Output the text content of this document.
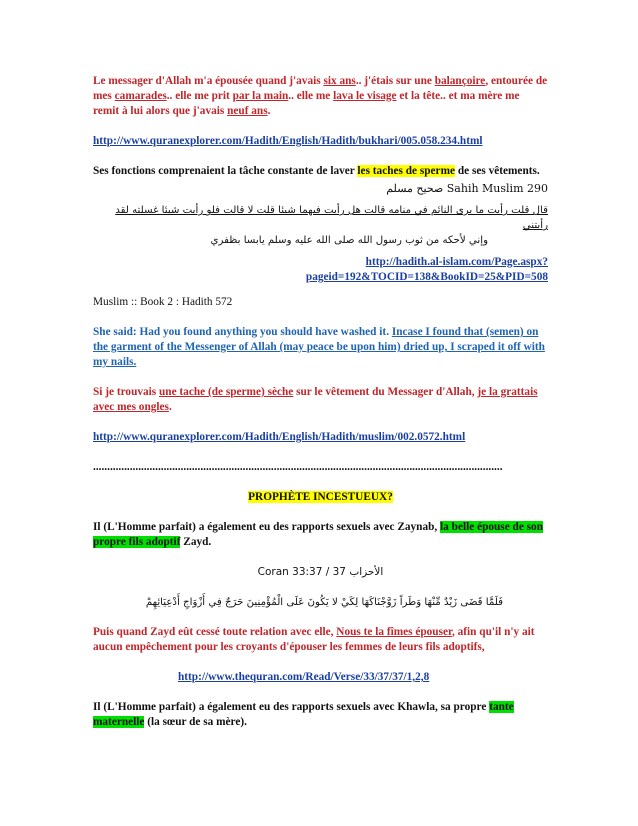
Le messager d'Allah m'a épousée quand j'avais six ans.. j'étais sur une balançoire, entourée de mes camarades.. elle me prit par la main.. elle me lava le visage et la tête.. et ma mère me remit à lui alors que j'avais neuf ans.

http://www.quranexplorer.com/Hadith/English/Hadith/bukhari/005.058.234.html

Ses fonctions comprenaient la tâche constante de laver les taches de sperme de ses vêtements.

صحيح مسلم Sahih Muslim 290

قال قلت رأيت ما يرى النائم في منامه قالت هل رأيت فيهما شيئا قلت لا قالت فلو رأيت شيئا غسلته لقد رأيتني

وإني لأحكه من ثوب رسول الله صلى الله عليه وسلم يابسا بظفري

http://hadith.al-islam.com/Page.aspx?

pageid=192&TOCID=138&BookID=25&PID=508

Muslim :: Book 2 : Hadith 572

She said: Had you found anything you should have washed it. Incase I found that (semen) on the garment of the Messenger of Allah (may peace be upon him) dried up, I scraped it off with my nails.

Si je trouvais une tache (de sperme) sèche sur le vêtement du Messager d'Allah, je la grattais avec mes ongles.

http://www.quranexplorer.com/Hadith/English/Hadith/muslim/002.0572.html

.................................................................................................................................................

PROPHÈTE INCESTUEUX?

Il (L'Homme parfait) a également eu des rapports sexuels avec Zaynab, la belle épouse de son propre fils adoptif Zayd.

Coran 33:37 / 37 الأحزاب

فَلَمَّا قَضَى زَيْدٌ مِّنْهَا وَطَراً زَوَّجْنَاكَهَا لِكَيْ لا يَكُونَ عَلَى الْمُؤْمِنِينَ حَرَجٌ فِي أَزْوَاجِ أَدْعِيَائِهِمْ

Puis quand Zayd eût cessé toute relation avec elle, Nous te la fîmes épouser, afin qu'il n'y ait aucun empêchement pour les croyants d'épouser les femmes de leurs fils adoptifs,

http://www.thequran.com/Read/Verse/33/37/37/1,2,8

Il (L'Homme parfait) a également eu des rapports sexuels avec Khawla, sa propre tante maternelle (la sœur de sa mère).
